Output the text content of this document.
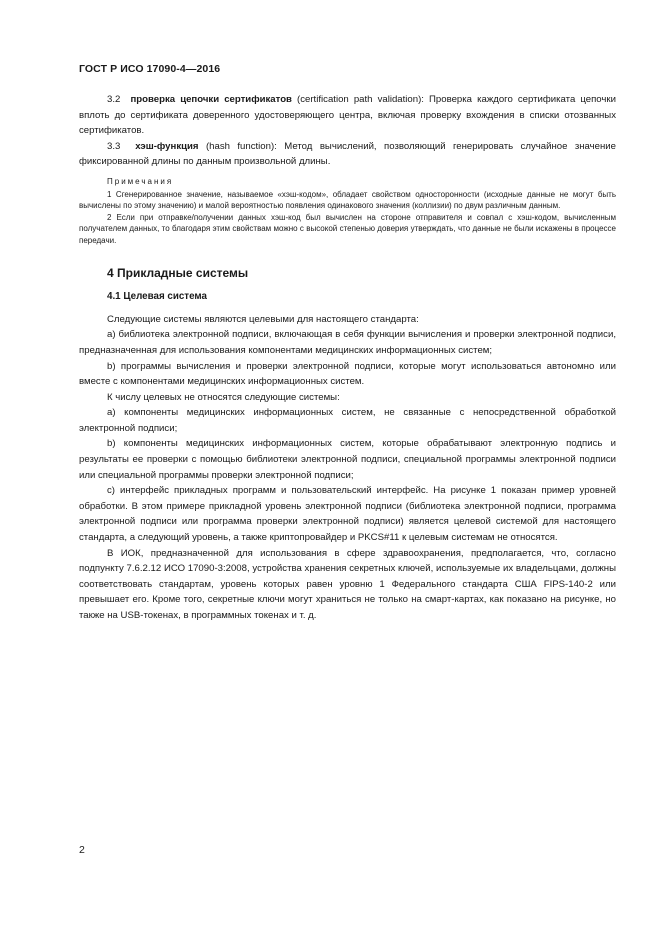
ГОСТ Р ИСО 17090-4—2016

3.2 проверка цепочки сертификатов (certification path validation): Проверка каждого сертификата цепочки вплоть до сертификата доверенного удостоверяющего центра, включая проверку вхождения в списки отозванных сертификатов.

3.3 хэш-функция (hash function): Метод вычислений, позволяющий генерировать случайное значение фиксированной длины по данным произвольной длины.

Примечания

1 Сгенерированное значение, называемое «хэш-кодом», обладает свойством односторонности (исходные данные не могут быть вычислены по этому значению) и малой вероятностью появления одинакового значения (коллизии) по двум различным данным.

2 Если при отправке/получении данных хэш-код был вычислен на стороне отправителя и совпал с хэш-кодом, вычисленным получателем данных, то благодаря этим свойствам можно с высокой степенью доверия утверждать, что данные не были искажены в процессе передачи.

4 Прикладные системы
4.1 Целевая система

Следующие системы являются целевыми для настоящего стандарта:

a) библиотека электронной подписи, включающая в себя функции вычисления и проверки электронной подписи, предназначенная для использования компонентами медицинских информационных систем;

b) программы вычисления и проверки электронной подписи, которые могут использоваться автономно или вместе с компонентами медицинских информационных систем.

К числу целевых не относятся следующие системы:

a) компоненты медицинских информационных систем, не связанные с непосредственной обработкой электронной подписи;

b) компоненты медицинских информационных систем, которые обрабатывают электронную подпись и результаты ее проверки с помощью библиотеки электронной подписи, специальной программы электронной подписи или специальной программы проверки электронной подписи;

c) интерфейс прикладных программ и пользовательский интерфейс. На рисунке 1 показан пример уровней обработки. В этом примере прикладной уровень электронной подписи (библиотека электронной подписи, программа электронной подписи или программа проверки электронной подписи) является целевой системой для настоящего стандарта, а следующий уровень, а также криптопровайдер и PKCS#11 к целевым системам не относятся.

В ИОК, предназначенной для использования в сфере здравоохранения, предполагается, что, согласно подпункту 7.6.2.12 ИСО 17090-3:2008, устройства хранения секретных ключей, используемые их владельцами, должны соответствовать стандартам, уровень которых равен уровню 1 Федерального стандарта США FIPS-140-2 или превышает его. Кроме того, секретные ключи могут храниться не только на смарт-картах, как показано на рисунке, но также на USB-токенах, в программных токенах и т. д.

2
